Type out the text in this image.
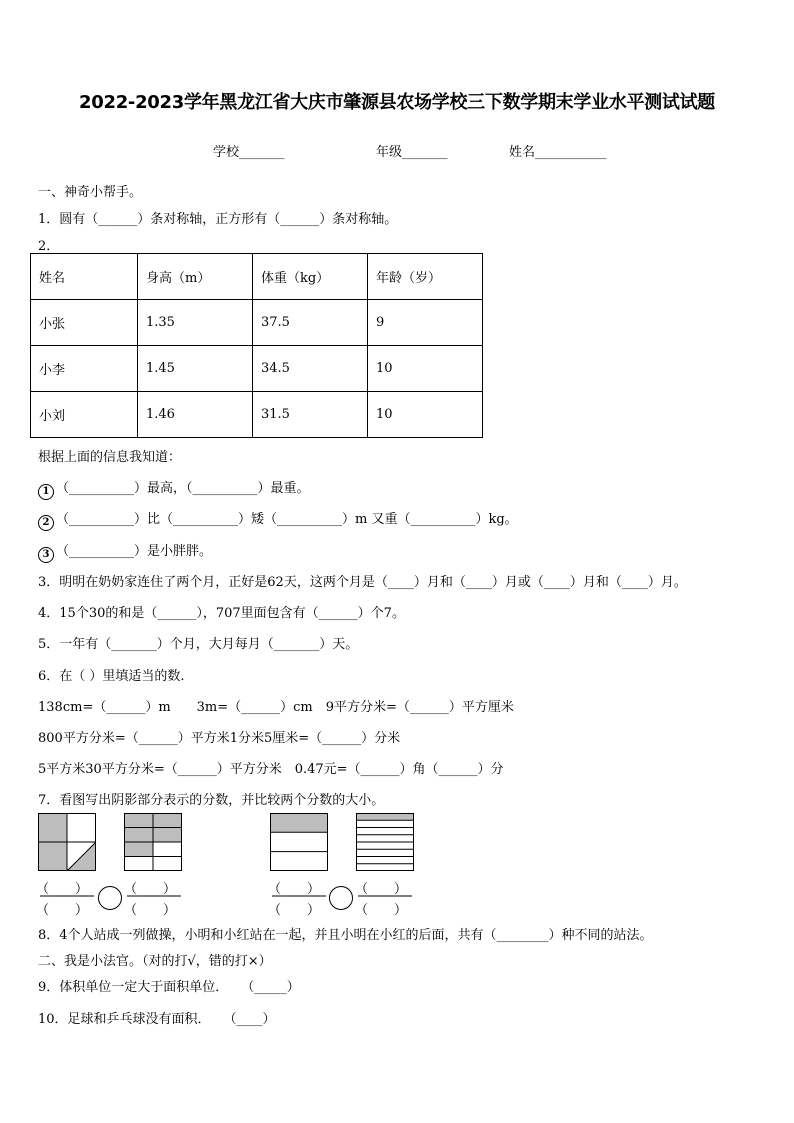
2022-2023学年黑龙江省大庆市肇源县农场学校三下数学期末学业水平测试试题
学校_______	年级_______	姓名___________
一、神奇小帮手。
1．圆有（______）条对称轴，正方形有（______）条对称轴。
2．
姓名	身高（m）	体重（kg）	年龄（岁）
小张	1.35	37.5	9
小李	1.45	34.5	10
小刘	1.46	31.5	10
根据上面的信息我知道：
1 （__________）最高，（__________）最重。
2 （__________）比（__________）矮（__________）m 又重（__________）kg。
3 （__________）是小胖胖。
3．明明在奶奶家连住了两个月，正好是62天，这两个月是（____）月和（____）月或（____）月和（____）月。
4．15个30的和是（______），707里面包含有（______）个7。
5．一年有（_______）个月，大月每月（_______）天。
6．在（ ）里填适当的数.
138cm=（______）m　　3m=（______）cm　9平方分米=（______）平方厘米
800平方分米=（______）平方米1分米5厘米=（______）分米
5平方米30平方分米=（______）平方分米　0.47元=（______）角（______）分
7．看图写出阴影部分表示的分数，并比较两个分数的大小。
（　　）
（　　）
（　　）
（　　）
（　　）
（　　）
（　　）
（　　）
8．4个人站成一列做操，小明和小红站在一起，并且小明在小红的后面，共有（________）种不同的站法。
二、我是小法官。（对的打√，错的打×）
9．体积单位一定大于面积单位．　　（_____）
10．足球和乒乓球没有面积．　　（____）
